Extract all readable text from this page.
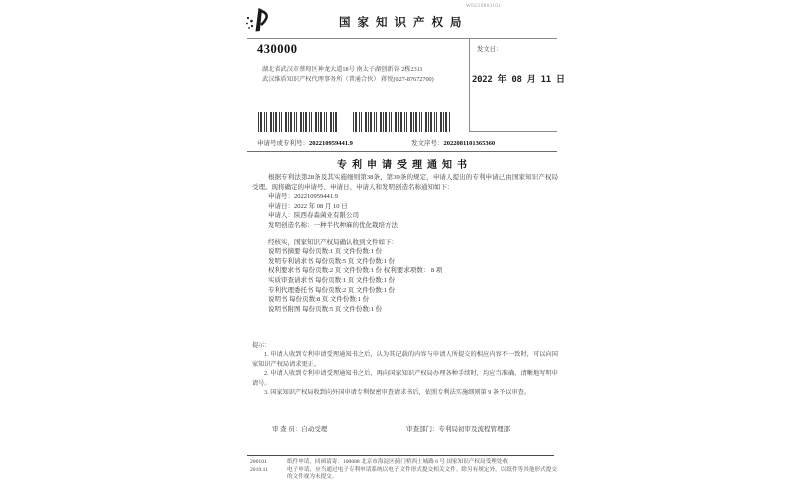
国家知识产权局
WD220803101
430000
湖北省武汉市蔡甸区神龙大道18号 南太子湖创新谷 2栋2311
武汉维盾知识产权代理事务所（普通合伙） 蒋悦(027-87672700)
发文日：
2022 年 08 月 11 日
申请号或专利号：202210959441.9	发文序号：2022081101365360
专利申请受理通知书

根据专利法第28条及其实施细则第38条、第39条的规定，申请人提出的专利申请已由国家知识产权局受理。现将确定的申请号、申请日、申请人和发明创造名称通知如下：

申请号：202210959441.9

申请日：2022 年 08 月 10 日

申请人：陕西春森菌业有限公司

发明创造名称：一种半代种麻的优化栽培方法

经核实，国家知识产权局确认收到文件如下：

说明书摘要 每份页数:1 页 文件份数:1 份

发明专利请求书 每份页数:5 页 文件份数:1 份

权利要求书 每份页数:2 页 文件份数:1 份 权利要求项数： 8 项

实质审查请求书 每份页数:1 页 文件份数:1 份

专利代理委托书 每份页数:2 页 文件份数:1 份

说明书 每份页数:8 页 文件份数:1 份

说明书附图 每份页数:5 页 文件份数:1 份

提示：

1. 申请人收到专利申请受理通知书之后，认为其记载的内容与申请人所提交的相应内容不一致时，可以向国家知识产权局请求更正。

2. 申请人收到专利申请受理通知书之后，再向国家知识产权局办理各种手续时，均应当准确、清晰地写明申请号。

3. 国家知识产权局收到向外国申请专利保密审查请求书后，依照专利法实施细则第 9 条予以审查。

审 查 员：自动受理	审查部门：专利局初审及流程管理部
200101
2019.11
纸件申请，回函请寄：100088 北京市海淀区蓟门桥西土城路 6 号 国家知识产权局受理处收
电子申请，应当通过电子专利申请系统以电子文件形式提交相关文件。除另有规定外，以纸件等其他形式提交的文件视为未提交。
